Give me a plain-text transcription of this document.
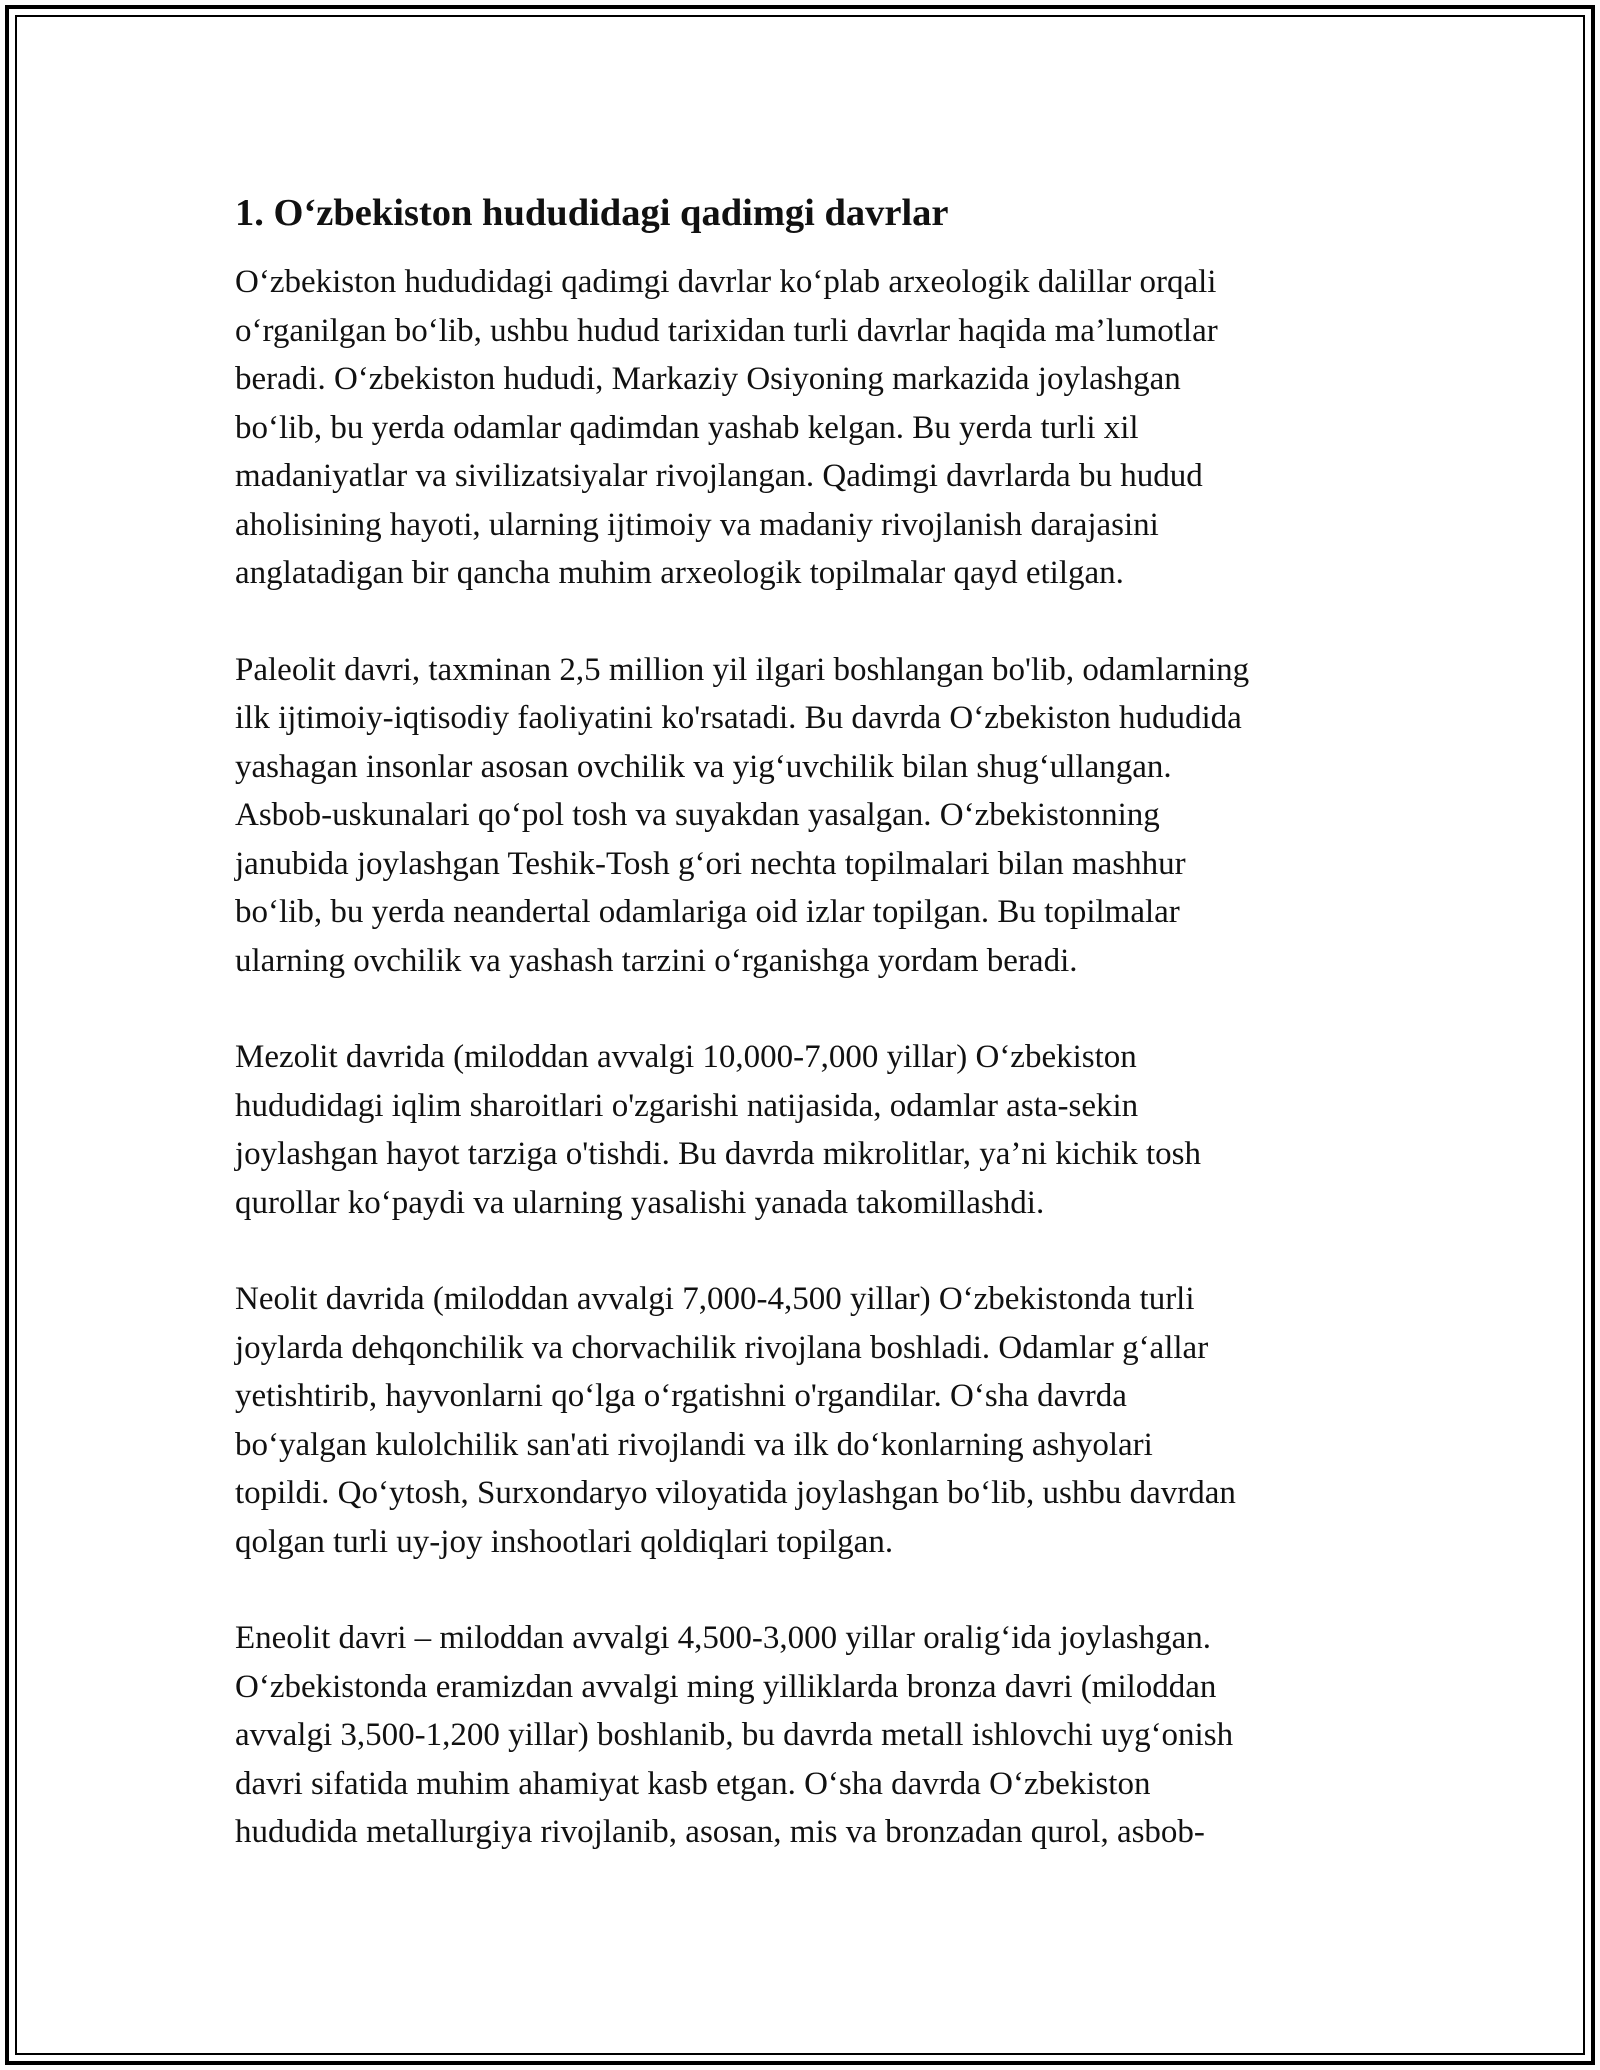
1. O‘zbekiston hududidagi qadimgi davrlar

O‘zbekiston hududidagi qadimgi davrlar ko‘plab arxeologik dalillar orqali
o‘rganilgan bo‘lib, ushbu hudud tarixidan turli davrlar haqida ma’lumotlar
beradi. O‘zbekiston hududi, Markaziy Osiyoning markazida joylashgan
bo‘lib, bu yerda odamlar qadimdan yashab kelgan. Bu yerda turli xil
madaniyatlar va sivilizatsiyalar rivojlangan. Qadimgi davrlarda bu hudud
aholisining hayoti, ularning ijtimoiy va madaniy rivojlanish darajasini
anglatadigan bir qancha muhim arxeologik topilmalar qayd etilgan.

Paleolit davri, taxminan 2,5 million yil ilgari boshlangan bo'lib, odamlarning
ilk ijtimoiy-iqtisodiy faoliyatini ko'rsatadi. Bu davrda O‘zbekiston hududida
yashagan insonlar asosan ovchilik va yig‘uvchilik bilan shug‘ullangan.
Asbob-uskunalari qo‘pol tosh va suyakdan yasalgan. O‘zbekistonning
janubida joylashgan Teshik-Tosh g‘ori nechta topilmalari bilan mashhur
bo‘lib, bu yerda neandertal odamlariga oid izlar topilgan. Bu topilmalar
ularning ovchilik va yashash tarzini o‘rganishga yordam beradi.

Mezolit davrida (miloddan avvalgi 10,000-7,000 yillar) O‘zbekiston
hududidagi iqlim sharoitlari o'zgarishi natijasida, odamlar asta-sekin
joylashgan hayot tarziga o'tishdi. Bu davrda mikrolitlar, ya’ni kichik tosh
qurollar ko‘paydi va ularning yasalishi yanada takomillashdi.

Neolit davrida (miloddan avvalgi 7,000-4,500 yillar) O‘zbekistonda turli
joylarda dehqonchilik va chorvachilik rivojlana boshladi. Odamlar g‘allar
yetishtirib, hayvonlarni qo‘lga o‘rgatishni o'rgandilar. O‘sha davrda
bo‘yalgan kulolchilik san'ati rivojlandi va ilk do‘konlarning ashyolari
topildi. Qo‘ytosh, Surxondaryo viloyatida joylashgan bo‘lib, ushbu davrdan
qolgan turli uy-joy inshootlari qoldiqlari topilgan.

Eneolit davri – miloddan avvalgi 4,500-3,000 yillar oralig‘ida joylashgan.
O‘zbekistonda eramizdan avvalgi ming yilliklarda bronza davri (miloddan
avvalgi 3,500-1,200 yillar) boshlanib, bu davrda metall ishlovchi uyg‘onish
davri sifatida muhim ahamiyat kasb etgan. O‘sha davrda O‘zbekiston
hududida metallurgiya rivojlanib, asosan, mis va bronzadan qurol, asbob-
